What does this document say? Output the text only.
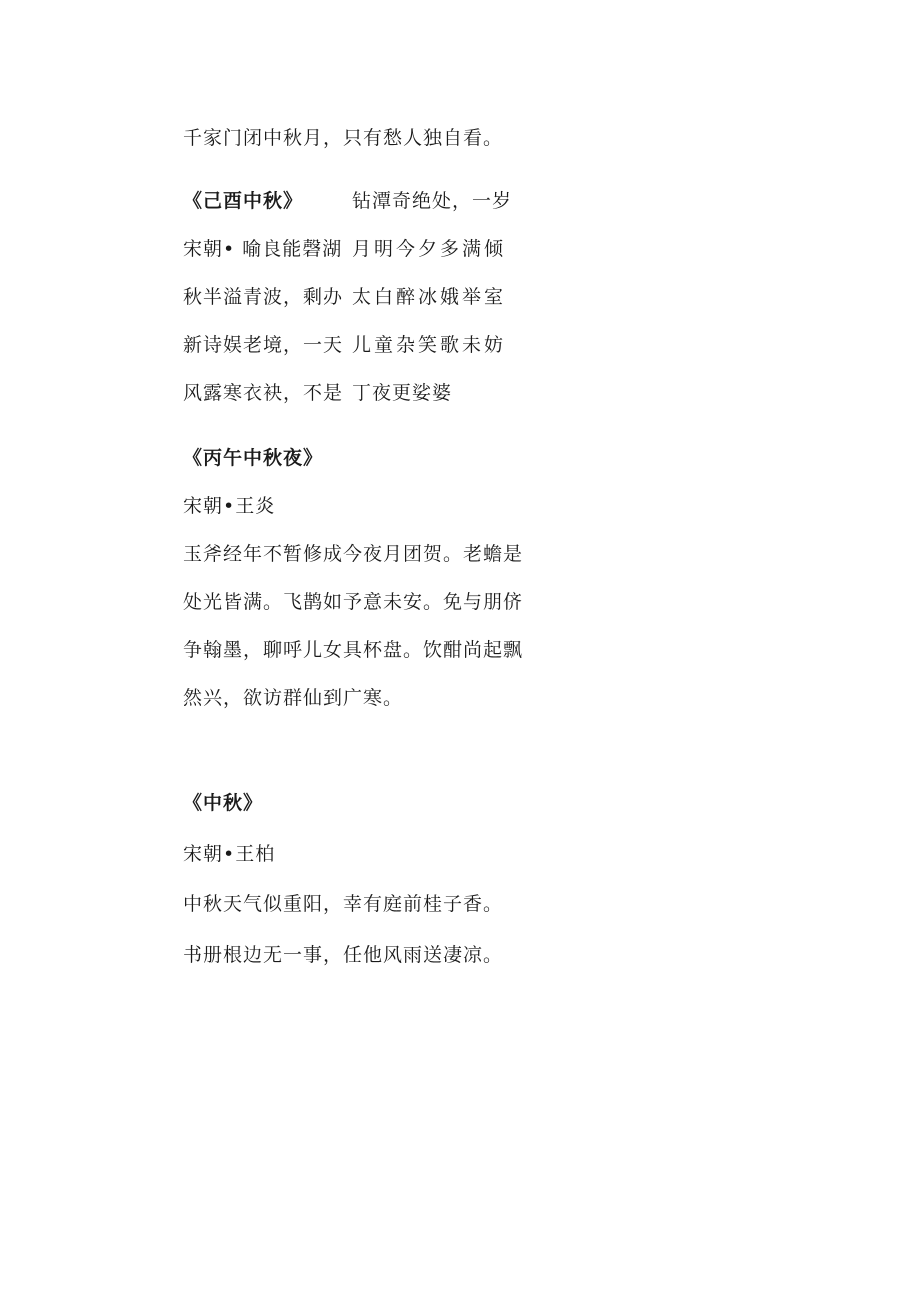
千家门闭中秋月，只有愁人独自看。
《己酉中秋》	钻潭奇绝处，一岁
宋朝• 喻良能磬湖 月明今夕多满倾
秋半溢青波，剩办 太白醉冰娥举室
新诗娱老境，一天 儿童杂笑歌未妨
风露寒衣袂，不是 丁夜更娑婆
《丙午中秋夜》
宋朝•王炎
玉斧经年不暂修成今夜月团贺。老蟾是
处光皆满。飞鹊如予意未安。免与朋侪
争翰墨，聊呼儿女具杯盘。饮酣尚起飘
然兴，欲访群仙到广寒。
《中秋》
宋朝•王柏
中秋天气似重阳，幸有庭前桂子香。
书册根边无一事，任他风雨送凄凉。
